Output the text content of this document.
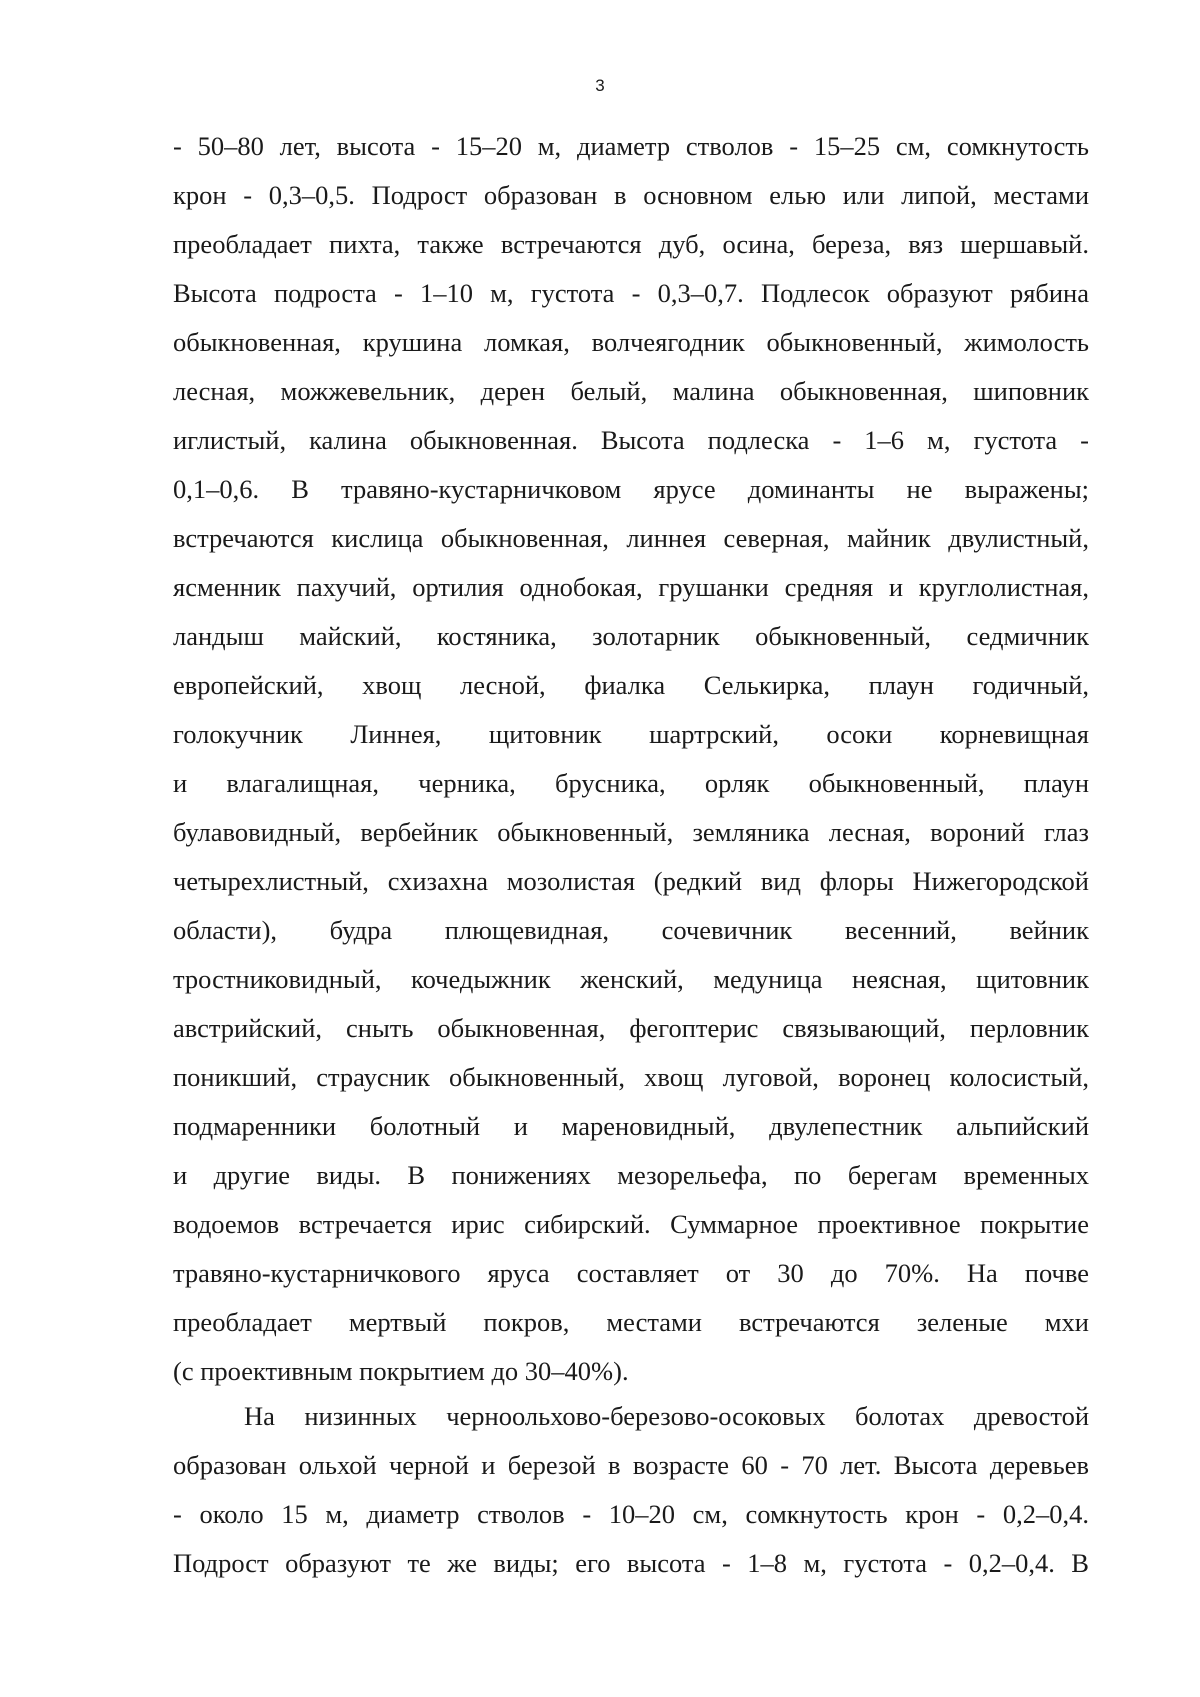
3
- 50–80 лет, высота - 15–20 м, диаметр стволов - 15–25 см, сомкнутость
крон - 0,3–0,5. Подрост образован в основном елью или липой, местами
преобладает пихта, также встречаются дуб, осина, береза, вяз шершавый.
Высота подроста - 1–10 м, густота - 0,3–0,7. Подлесок образуют рябина
обыкновенная, крушина ломкая, волчеягодник обыкновенный, жимолость
лесная, можжевельник, дерен белый, малина обыкновенная, шиповник
иглистый, калина обыкновенная. Высота подлеска - 1–6 м, густота -
0,1–0,6. В травяно-кустарничковом ярусе доминанты не выражены;
встречаются кислица обыкновенная, линнея северная, майник двулистный,
ясменник пахучий, ортилия однобокая, грушанки средняя и круглолистная,
ландыш майский, костяника, золотарник обыкновенный, седмичник
европейский, хвощ лесной, фиалка Селькирка, плаун годичный,
голокучник Линнея, щитовник шартрский, осоки корневищная
и влагалищная, черника, брусника, орляк обыкновенный, плаун
булавовидный, вербейник обыкновенный, земляника лесная, вороний глаз
четырехлистный, схизахна мозолистая (редкий вид флоры Нижегородской
области), будра плющевидная, сочевичник весенний, вейник
тростниковидный, кочедыжник женский, медуница неясная, щитовник
австрийский, сныть обыкновенная, фегоптерис связывающий, перловник
поникший, страусник обыкновенный, хвощ луговой, воронец колосистый,
подмаренники болотный и мареновидный, двулепестник альпийский
и другие виды. В понижениях мезорельефа, по берегам временных
водоемов встречается ирис сибирский. Суммарное проективное покрытие
травяно-кустарничкового яруса составляет от 30 до 70%. На почве
преобладает мертвый покров, местами встречаются зеленые мхи
(с проективным покрытием до 30–40%).
На низинных черноольхово-березово-осоковых болотах древостой
образован ольхой черной и березой в возрасте 60 - 70 лет. Высота деревьев
- около 15 м, диаметр стволов - 10–20 см, сомкнутость крон - 0,2–0,4.
Подрост образуют те же виды; его высота - 1–8 м, густота - 0,2–0,4. В
